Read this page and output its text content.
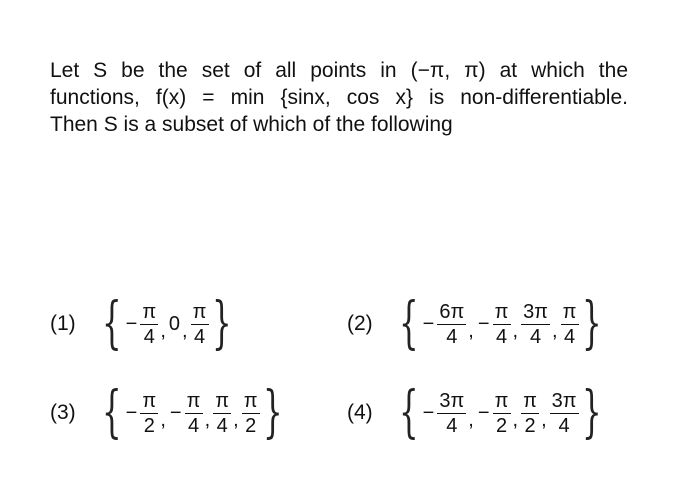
Let S be the set of all points in (−π, π) at which the
functions, f(x) = min {sinx, cos x} is non-differentiable.
Then S is a subset of which of the following
(1) { − $\frac{\pi}{4}$ , 0 , $\frac{\pi}{4}$ }	(2) { − $\frac{6\pi}{4}$ , − $\frac{\pi}{4}$ , $\frac{3\pi}{4}$ , $\frac{\pi}{4}$ }
(3) { − $\frac{\pi}{2}$ , − $\frac{\pi}{4}$ , $\frac{\pi}{4}$ , $\frac{\pi}{2}$ }	(4) { − $\frac{3\pi}{4}$ , − $\frac{\pi}{2}$ , $\frac{\pi}{2}$ , $\frac{3\pi}{4}$ }
